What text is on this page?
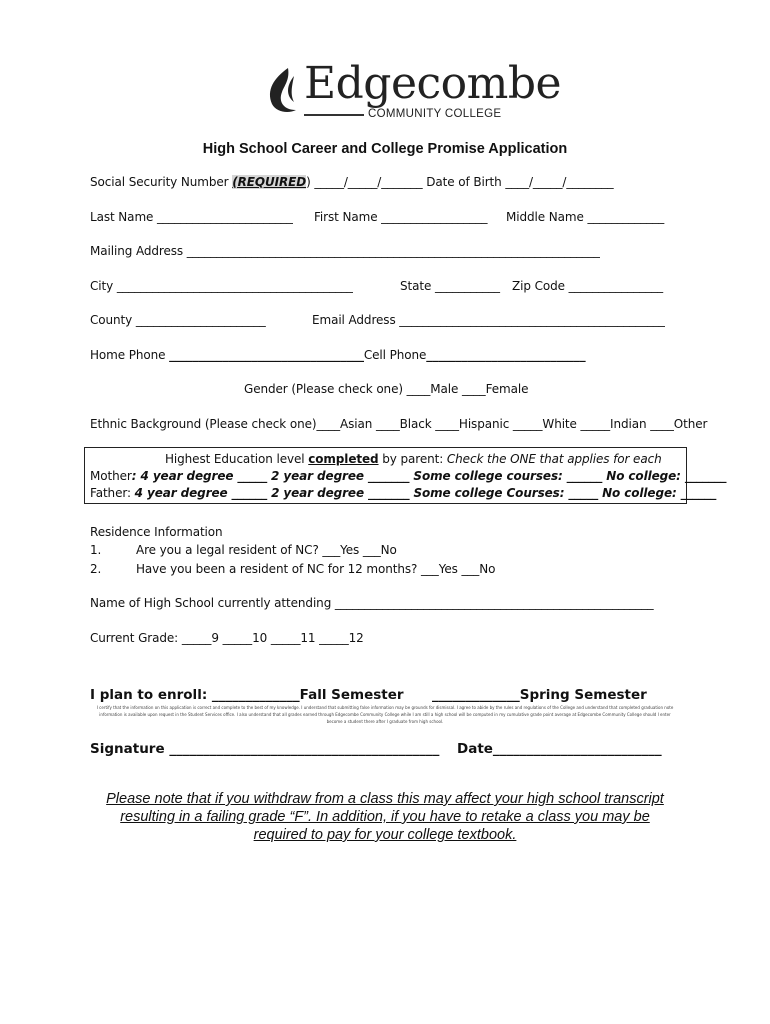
Edgecombe
COMMUNITY COLLEGE
High School Career and College Promise Application
Social Security Number (REQUIRED) _____/_____/_______ Date of Birth ____/_____/________
Last Name _______________________ First Name __________________ Middle Name _____________
Mailing Address ______________________________________________________________________
City ________________________________________	State ___________ Zip Code ________________
County ______________________	Email Address _____________________________________________
Home Phone _________________________________Cell Phone___________________________
Gender (Please check one) ____Male ____Female
Ethnic Background (Please check one)____Asian ____Black ____Hispanic _____White _____Indian ____Other
Highest Education level completed by parent: Check the ONE that applies for each
Mother: 4 year degree _____ 2 year degree _______ Some college courses: ______ No college: _______
Father: 4 year degree ______ 2 year degree _______ Some college Courses: _____ No college: ______
Residence Information
1.	Are you a legal resident of NC? ___Yes ___No
2.	Have you been a resident of NC for 12 months? ___Yes ___No
Name of High School currently attending ______________________________________________________
Current Grade: _____9 _____10 _____11 _____12
I plan to enroll: _____________Fall Semester _____________Spring Semester
I certify that the information on this application is correct and complete to the best of my knowledge. I understand that submitting false information may be grounds for dismissal. I agree to abide by the rules and regulations of the College and understand that completed graduation note
information is available upon request in the Student Services office. I also understand that all grades earned through Edgecombe Community College while I am still a high school will be computed in my cumulative grade point average at Edgecombe Community College should I enter
become a student there after I graduate from high school.
Signature ________________________________________ Date_________________________
Please note that if you withdraw from a class this may affect your high school transcript
resulting in a failing grade “F”. In addition, if you have to retake a class you may be
required to pay for your college textbook.
